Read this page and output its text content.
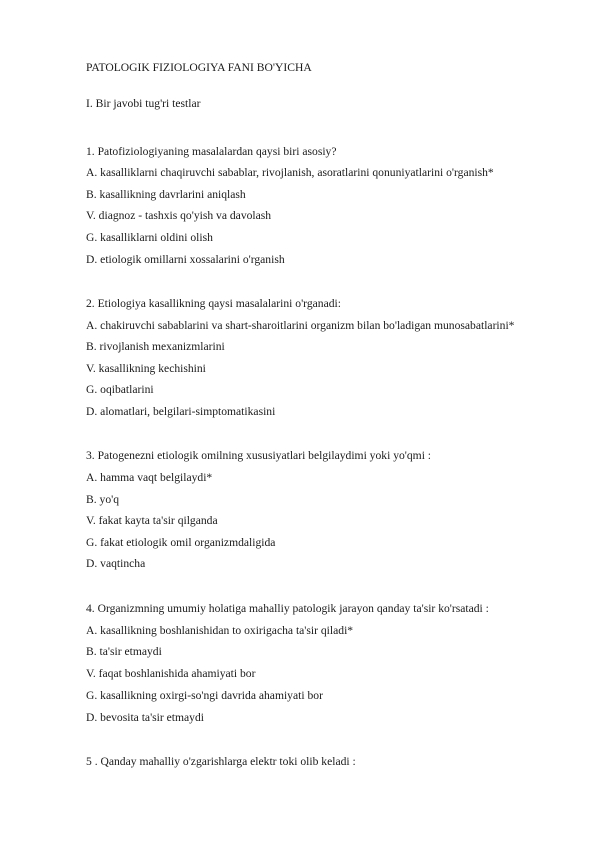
PATOLOGIK FIZIOLOGIYA FANI BO'YICHA
I. Bir javobi tug'ri testlar
1. Patofiziologiyaning masalalardan qaysi biri asosiy?
A. kasalliklarni chaqiruvchi sabablar, rivojlanish, asoratlarini qonuniyatlarini o'rganish*
B. kasallikning davrlarini aniqlash
V. diagnoz - tashxis qo'yish va davolash
G. kasalliklarni oldini olish
D. etiologik omillarni xossalarini o'rganish
2. Etiologiya kasallikning qaysi masalalarini o'rganadi:
A. chakiruvchi sabablarini va shart-sharoitlarini organizm bilan bo'ladigan munosabatlarini*
B. rivojlanish mexanizmlarini
V. kasallikning kechishini
G. oqibatlarini
D. alomatlari, belgilari-simptomatikasini
3. Patogenezni etiologik omilning xususiyatlari belgilaydimi yoki yo'qmi :
A. hamma vaqt belgilaydi*
B. yo'q
V. fakat kayta ta'sir qilganda
G. fakat etiologik omil organizmdaligida
D. vaqtincha
4. Organizmning umumiy holatiga mahalliy patologik jarayon qanday ta'sir ko'rsatadi :
A. kasallikning boshlanishidan to oxirigacha ta'sir qiladi*
B. ta'sir etmaydi
V. faqat boshlanishida ahamiyati bor
G. kasallikning oxirgi-so'ngi davrida ahamiyati bor
D. bevosita ta'sir etmaydi
5 . Qanday mahalliy o'zgarishlarga elektr toki olib keladi :
